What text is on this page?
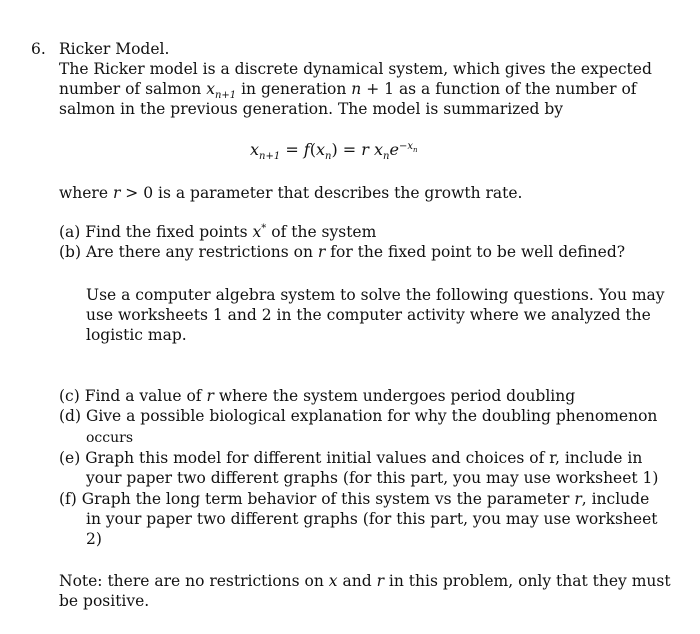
6. Ricker Model.
The Ricker model is a discrete dynamical system, which gives the expected
number of salmon $x_{n+1}$ in generation n + 1 as a function of the number of
salmon in the previous generation. The model is summarized by
$x_{n+1} = f(x_n) = r$ $x_ne^{-x_n}$
where r > 0 is a parameter that describes the growth rate.
(a) Find the fixed points x* of the system
(b) Are there any restrictions on r for the fixed point to be well defined?
Use a computer algebra system to solve the following questions. You may
use worksheets 1 and 2 in the computer activity where we analyzed the
logistic map.
(c) Find a value of r where the system undergoes period doubling
(d) Give a possible biological explanation for why the doubling phenomenon
occurs
(e) Graph this model for different initial values and choices of r, include in
your paper two different graphs (for this part, you may use worksheet 1)
(f) Graph the long term behavior of this system vs the parameter r, include
in your paper two different graphs (for this part, you may use worksheet
2)
Note: there are no restrictions on x and r in this problem, only that they must
be positive.
